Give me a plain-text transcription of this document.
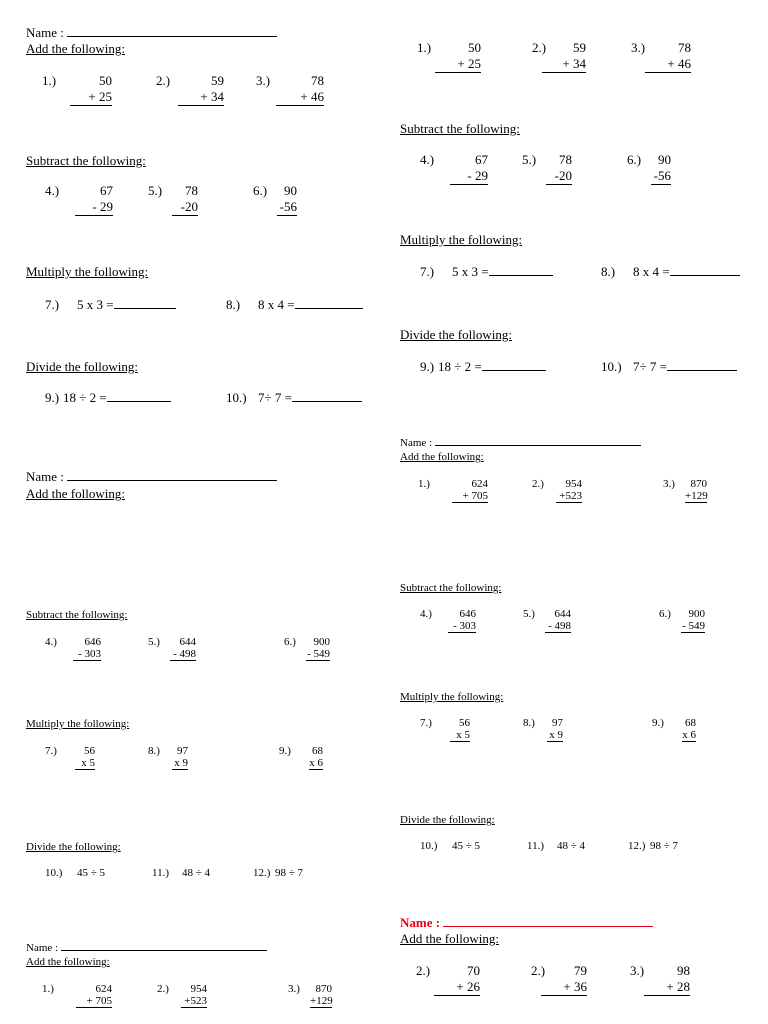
Name :
Add the following:
1.)	50
+ 25
2.)	59
+ 34
3.)	78
+ 46
Subtract the following:
4.)	67
- 29
5.)	78
-20
6.)	90
-56
Multiply the following:
7.) 5 x 3 =	8.) 8 x 4 =
Divide the following:
9.) 18 ÷ 2 =	10.) 7÷ 7 =
Name :
Add the following:
Subtract the following:
4.)	646
- 303
5.)	644
- 498
6.)	900
- 549
Multiply the following:
7.)	56
x 5
8.)	97
x 9
9.) 68
x 6
Divide the following:
10.) 45 ÷ 5	11.) 48 ÷ 4	12.) 98 ÷ 7
Name :
Add the following:
1.)	624
+ 705
2.)	954
+523
3.)	870
+129
1.)	50
+ 25
2.)	59
+ 34
3.)	78
+ 46
Subtract the following:
4.)	67
- 29
5.)	78
-20
6.)	90
-56
Multiply the following:
7.) 5 x 3 =	8.) 8 x 4 =
Divide the following:
9.) 18 ÷ 2 =	10.) 7÷ 7 =
Name :
Add the following:
1.)	624
+ 705
2.)	954
+523
3.)	870
+129
Subtract the following:
4.)	646
- 303
5.)	644
- 498
6.)	900
- 549
Multiply the following:
7.)	56
x 5
8.)	97
x 9
9.) 68
x 6
Divide the following:
10.) 45 ÷ 5	11.) 48 ÷ 4	12.) 98 ÷ 7
Name :
Add the following:
2.)	70
+ 26
2.)	79
+ 36
3.)	98
+ 28
